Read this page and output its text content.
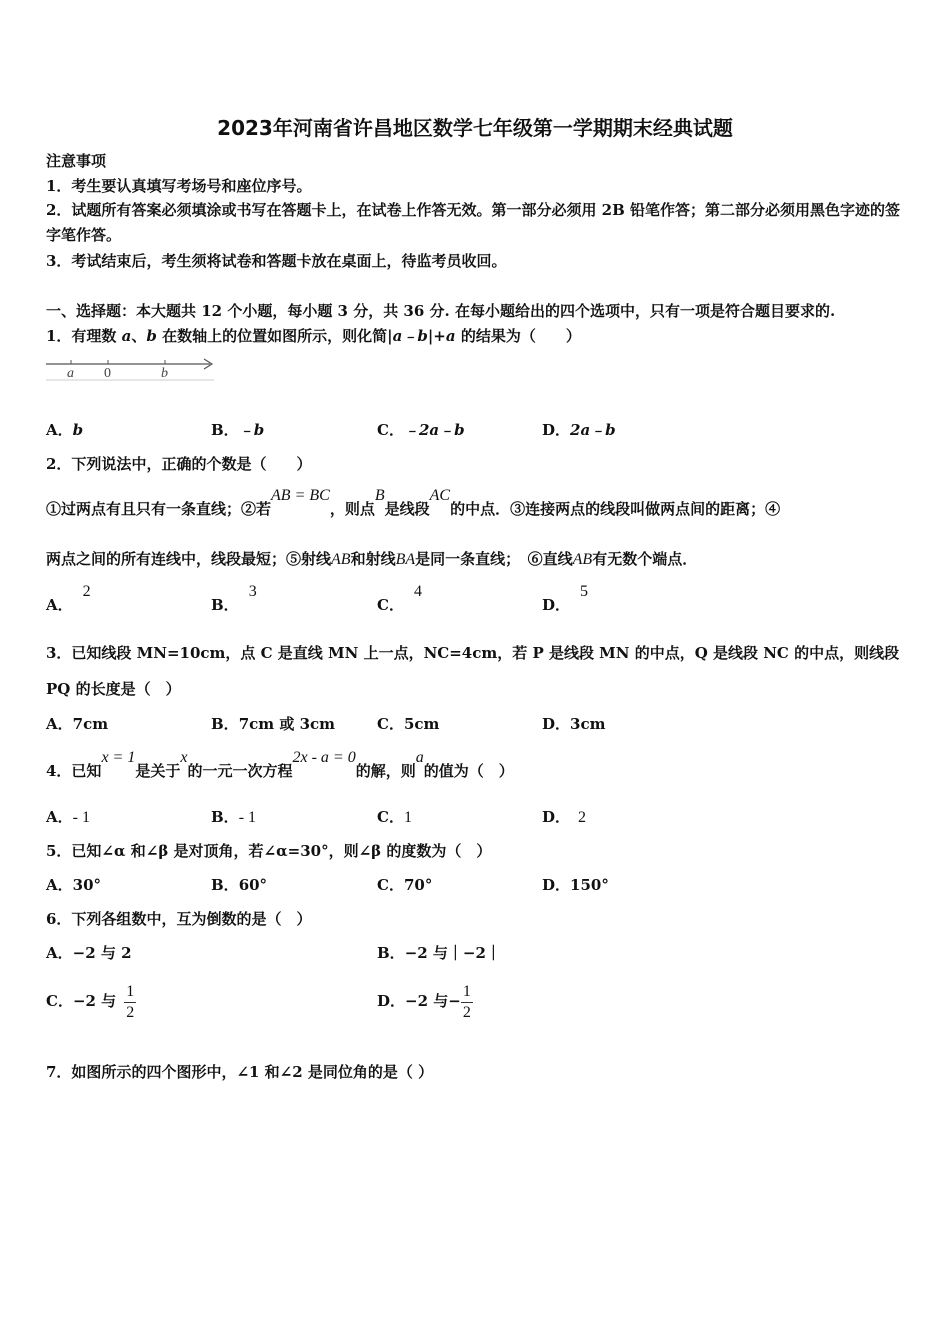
2023年河南省许昌地区数学七年级第一学期期末经典试题
注意事项
1．考生要认真填写考场号和座位序号。
2．试题所有答案必须填涂或书写在答题卡上，在试卷上作答无效。第一部分必须用 2B 铅笔作答；第二部分必须用黑色字迹的签字笔作答。
3．考试结束后，考生须将试卷和答题卡放在桌面上，待监考员收回。
一、选择题：本大题共 12 个小题，每小题 3 分，共 36 分. 在每小题给出的四个选项中，只有一项是符合题目要求的.
1．有理数 a、b 在数轴上的位置如图所示，则化简|a﹣b|+a 的结果为（　　）
a 0	b
A．b	B．﹣b	C．﹣2a﹣b	D．2a﹣b
2．下列说法中，正确的个数是（　　）
①过两点有且只有一条直线；②若AB = BC，则点B是线段AC的中点．③连接两点的线段叫做两点间的距离；④
两点之间的所有连线中，线段最短；⑤射线AB和射线BA是同一条直线；　⑥直线AB有无数个端点．
A．2
B．3
C．4
D．5
3．已知线段 MN=10cm，点 C 是直线 MN 上一点，NC=4cm，若 P 是线段 MN 的中点，Q 是线段 NC 的中点，则线段
PQ 的长度是（　）
A．7cm	B．7cm 或 3cm	C．5cm	D．3cm
4．已知x = 1是关于x的一元一次方程2x - a = 0的解，则a的值为（　）
A．- 1	B．- 1	C．1	D． 2
5．已知∠α 和∠β 是对顶角，若∠α=30°，则∠β 的度数为（　）
A．30°	B．60°	C．70°	D．150°
6．下列各组数中，互为倒数的是（　）
A．−2 与 2	B．−2 与｜−2｜
C．−2 与 $\frac{1}{2}$	D．−2 与− $\frac{1}{2}$
7．如图所示的四个图形中，∠1 和∠2 是同位角的是（ ）
